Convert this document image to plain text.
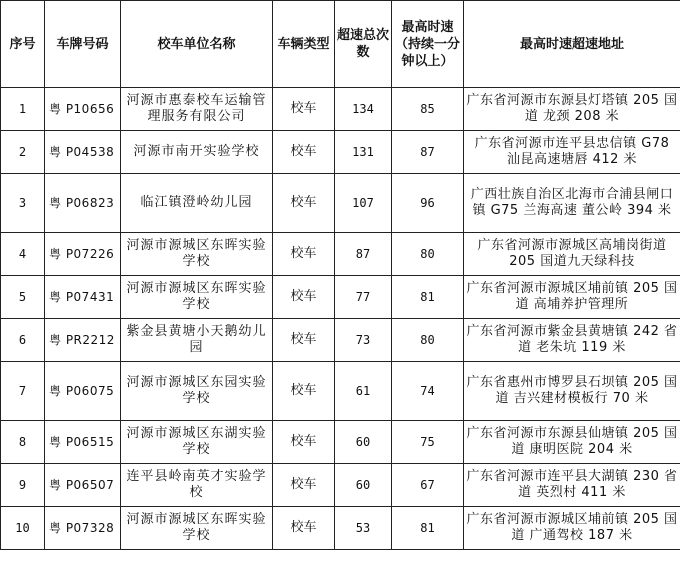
序号	车牌号码	校车单位名称	车辆类型	超速总次数	最高时速（持续一分钟以上）	最高时速超速地址
1	粤 P10656	河源市惠泰校车运输管理服务有限公司	校车	134	85	广东省河源市东源县灯塔镇 205 国道 龙颈 208 米
2	粤 P04538	河源市南开实验学校	校车	131	87	广东省河源市连平县忠信镇 G78 汕昆高速塘唇 412 米
3	粤 P06823	临江镇澄岭幼儿园	校车	107	96	广西壮族自治区北海市合浦县闸口镇 G75 兰海高速 董公岭 394 米
4	粤 P07226	河源市源城区东晖实验学校	校车	87	80	广东省河源市源城区高埔岗街道 205 国道九天绿科技
5	粤 P07431	河源市源城区东晖实验学校	校车	77	81	广东省河源市源城区埔前镇 205 国道 高埔养护管理所
6	粤 PR2212	紫金县黄塘小天鹅幼儿园	校车	73	80	广东省河源市紫金县黄塘镇 242 省道 老朱坑 119 米
7	粤 P06075	河源市源城区东园实验学校	校车	61	74	广东省惠州市博罗县石坝镇 205 国道 吉兴建材模板行 70 米
8	粤 P06515	河源市源城区东湖实验学校	校车	60	75	广东省河源市东源县仙塘镇 205 国道 康明医院 204 米
9	粤 P06507	连平县岭南英才实验学校	校车	60	67	广东省河源市连平县大湖镇 230 省道 英烈村 411 米
10	粤 P07328	河源市源城区东晖实验学校	校车	53	81	广东省河源市源城区埔前镇 205 国道 广通驾校 187 米
